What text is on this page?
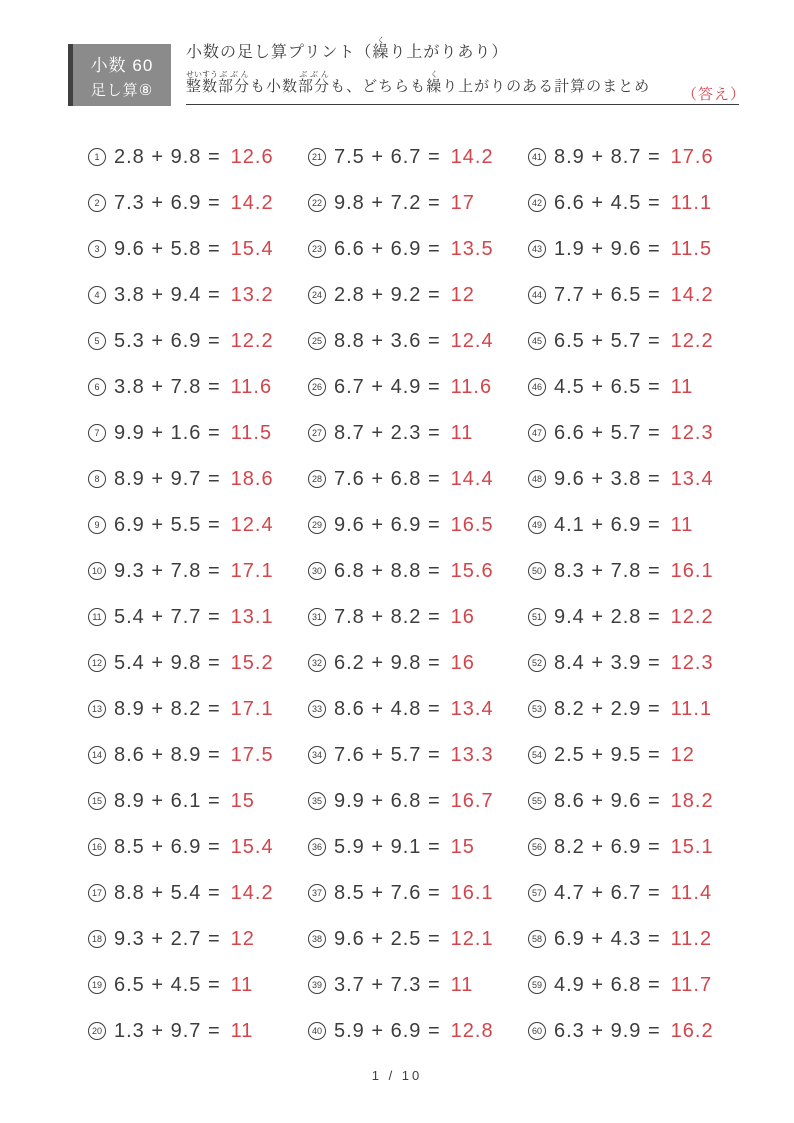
小数 60
足し算⑧
小数の足し算プリント（繰くり上がりあり）
整数せいすう部分ぶぶんも小数部分ぶぶんも、どちらも繰くり上がりのある計算のまとめ （答え）
1 2.8 + 9.8 = 12.6
2 7.3 + 6.9 = 14.2
3 9.6 + 5.8 = 15.4
4 3.8 + 9.4 = 13.2
5 5.3 + 6.9 = 12.2
6 3.8 + 7.8 = 11.6
7 9.9 + 1.6 = 11.5
8 8.9 + 9.7 = 18.6
9 6.9 + 5.5 = 12.4
10 9.3 + 7.8 = 17.1
11 5.4 + 7.7 = 13.1
12 5.4 + 9.8 = 15.2
13 8.9 + 8.2 = 17.1
14 8.6 + 8.9 = 17.5
15 8.9 + 6.1 = 15
16 8.5 + 6.9 = 15.4
17 8.8 + 5.4 = 14.2
18 9.3 + 2.7 = 12
19 6.5 + 4.5 = 11
20 1.3 + 9.7 = 11
21 7.5 + 6.7 = 14.2
22 9.8 + 7.2 = 17
23 6.6 + 6.9 = 13.5
24 2.8 + 9.2 = 12
25 8.8 + 3.6 = 12.4
26 6.7 + 4.9 = 11.6
27 8.7 + 2.3 = 11
28 7.6 + 6.8 = 14.4
29 9.6 + 6.9 = 16.5
30 6.8 + 8.8 = 15.6
31 7.8 + 8.2 = 16
32 6.2 + 9.8 = 16
33 8.6 + 4.8 = 13.4
34 7.6 + 5.7 = 13.3
35 9.9 + 6.8 = 16.7
36 5.9 + 9.1 = 15
37 8.5 + 7.6 = 16.1
38 9.6 + 2.5 = 12.1
39 3.7 + 7.3 = 11
40 5.9 + 6.9 = 12.8
41 8.9 + 8.7 = 17.6
42 6.6 + 4.5 = 11.1
43 1.9 + 9.6 = 11.5
44 7.7 + 6.5 = 14.2
45 6.5 + 5.7 = 12.2
46 4.5 + 6.5 = 11
47 6.6 + 5.7 = 12.3
48 9.6 + 3.8 = 13.4
49 4.1 + 6.9 = 11
50 8.3 + 7.8 = 16.1
51 9.4 + 2.8 = 12.2
52 8.4 + 3.9 = 12.3
53 8.2 + 2.9 = 11.1
54 2.5 + 9.5 = 12
55 8.6 + 9.6 = 18.2
56 8.2 + 6.9 = 15.1
57 4.7 + 6.7 = 11.4
58 6.9 + 4.3 = 11.2
59 4.9 + 6.8 = 11.7
60 6.3 + 9.9 = 16.2
1 / 10
